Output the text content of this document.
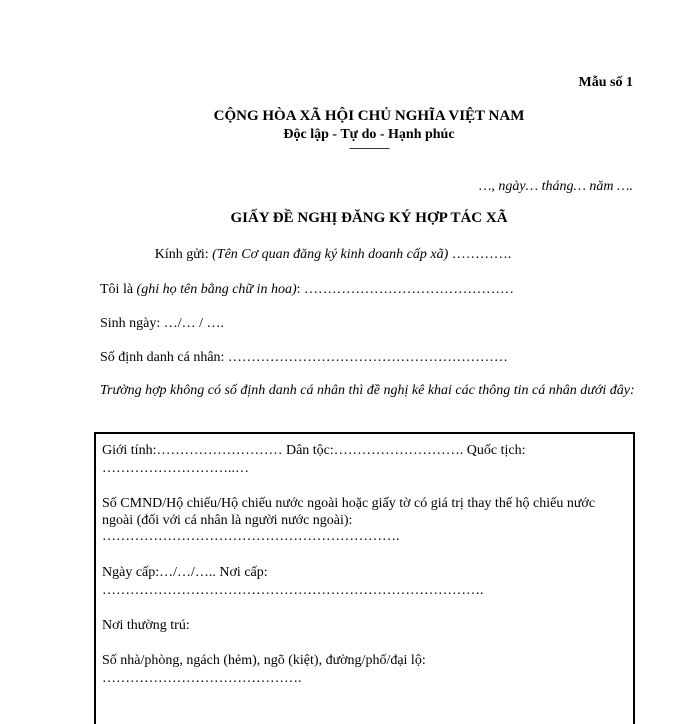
Mẫu số 1
CỘNG HÒA XÃ HỘI CHỦ NGHĨA VIỆT NAM
Độc lập - Tự do - Hạnh phúc
---------------
…, ngày… tháng… năm ….
GIẤY ĐỀ NGHỊ ĐĂNG KÝ HỢP TÁC XÃ
Kính gửi: (Tên Cơ quan đăng ký kinh doanh cấp xã) ………….
Tôi là (ghi họ tên bằng chữ in hoa): ………………………………………
Sinh ngày: …/… / ….
Số định danh cá nhân: ……………………………………………………
Trường hợp không có số định danh cá nhân thì đề nghị kê khai các thông tin cá nhân dưới đây:
Giới tính:……………………… Dân tộc:………………………. Quốc tịch:
………………………..…
Số CMND/Hộ chiếu/Hộ chiếu nước ngoài hoặc giấy tờ có giá trị thay thế hộ chiếu nước ngoài (đối với cá nhân là người nước ngoài):
……………………………………………………….
Ngày cấp:…/…/….. Nơi cấp:
……………………………………………………………………….
Nơi thường trú:
Số nhà/phòng, ngách (hẻm), ngõ (kiệt), đường/phố/đại lộ:
…………………………………….
